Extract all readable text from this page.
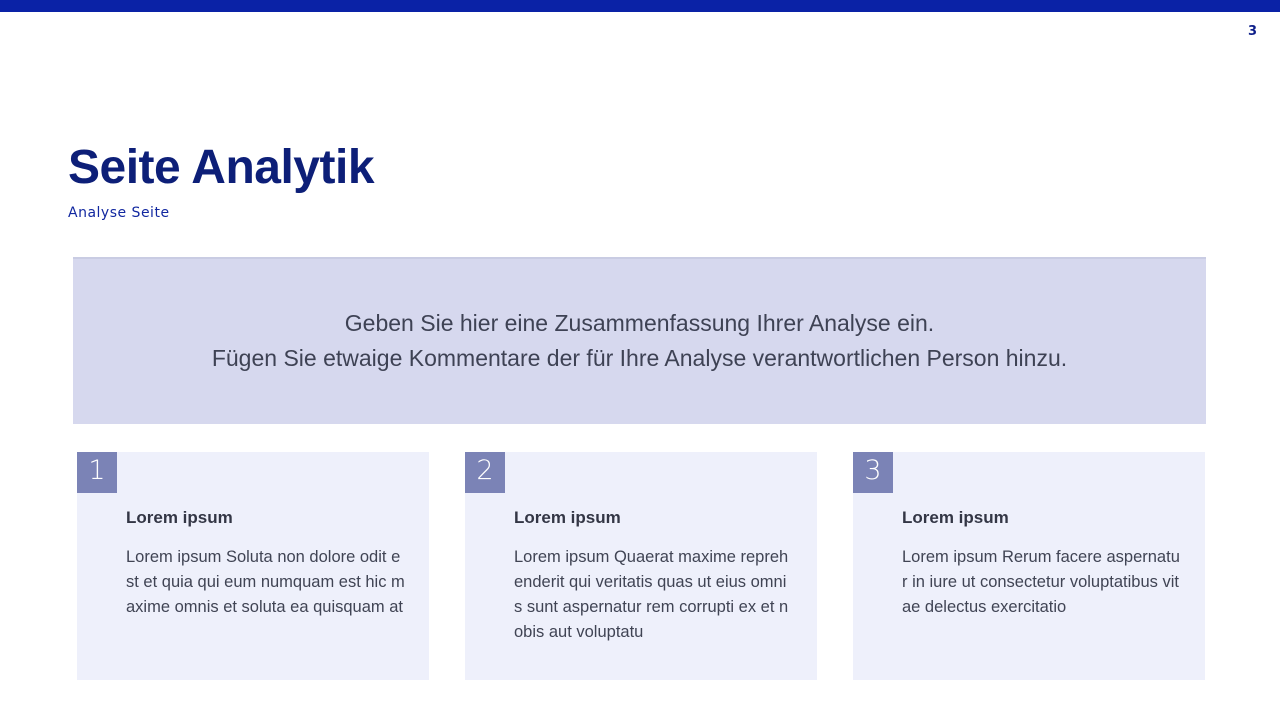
3
Seite Analytik

Analyse Seite

Geben Sie hier eine Zusammenfassung Ihrer Analyse ein.

Fügen Sie etwaige Kommentare der für Ihre Analyse verantwortlichen Person hinzu.

1
Lorem ipsum

Lorem ipsum Soluta non dolore odit est et quia qui eum numquam est hic maxime omnis et soluta ea quisquam at

2
Lorem ipsum

Lorem ipsum Quaerat maxime reprehenderit qui veritatis quas ut eius omnis sunt aspernatur rem corrupti ex et nobis aut voluptatu

3
Lorem ipsum

Lorem ipsum Rerum facere aspernatur in iure ut consectetur voluptatibus vitae delectus exercitatio
